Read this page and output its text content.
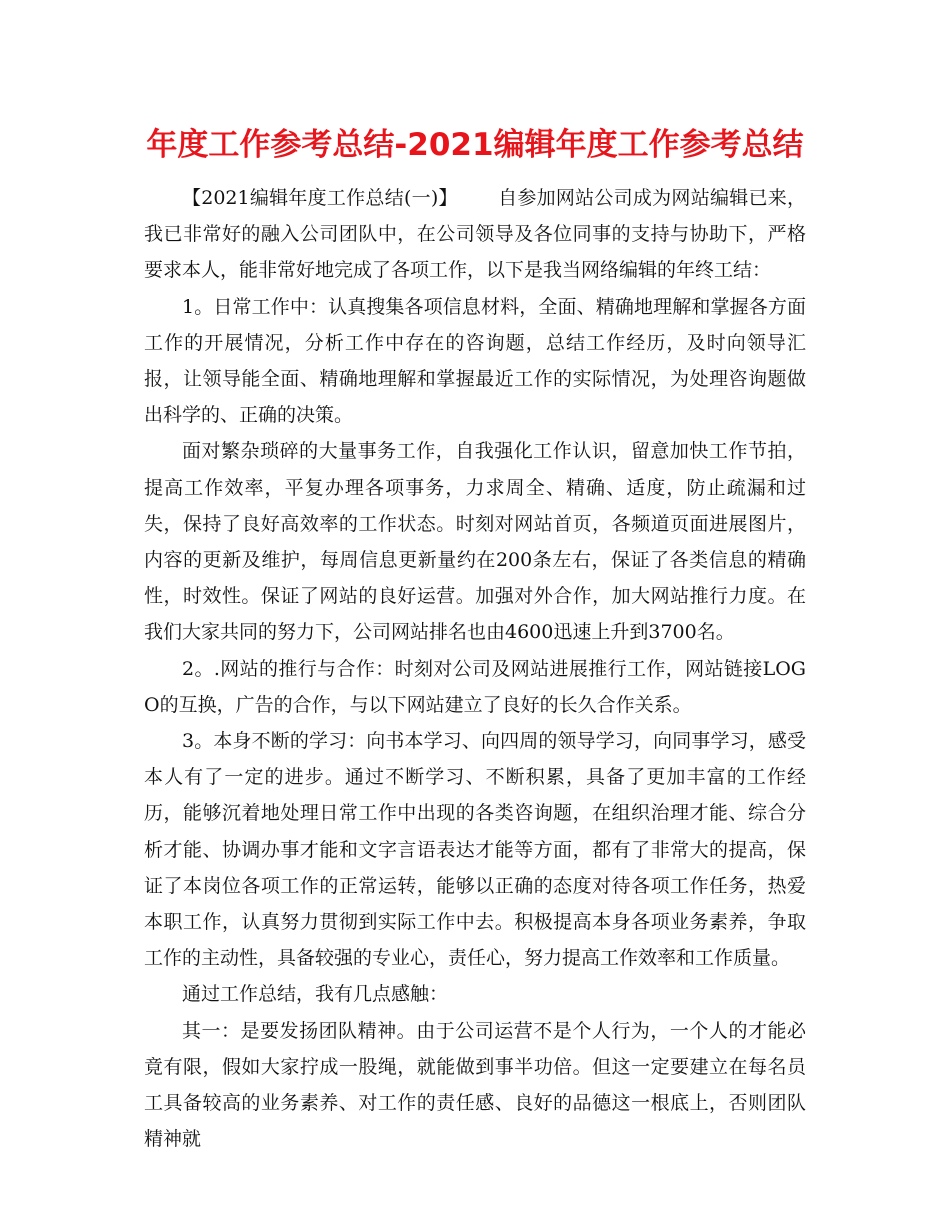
年度工作参考总结-2021编辑年度工作参考总结

【2021编辑年度工作总结(一)】 自参加网站公司成为网站编辑已来，我已非常好的融入公司团队中，在公司领导及各位同事的支持与协助下，严格要求本人，能非常好地完成了各项工作，以下是我当网络编辑的年终工结：

1。日常工作中：认真搜集各项信息材料，全面、精确地理解和掌握各方面工作的开展情况，分析工作中存在的咨询题，总结工作经历，及时向领导汇报，让领导能全面、精确地理解和掌握最近工作的实际情况，为处理咨询题做出科学的、正确的决策。

面对繁杂琐碎的大量事务工作，自我强化工作认识，留意加快工作节拍，提高工作效率，平复办理各项事务，力求周全、精确、适度，防止疏漏和过失，保持了良好高效率的工作状态。时刻对网站首页，各频道页面进展图片，内容的更新及维护，每周信息更新量约在200条左右，保证了各类信息的精确性，时效性。保证了网站的良好运营。加强对外合作，加大网站推行力度。在我们大家共同的努力下，公司网站排名也由4600迅速上升到3700名。

2。.网站的推行与合作：时刻对公司及网站进展推行工作，网站链接LOGO的互换，广告的合作，与以下网站建立了良好的长久合作关系。

3。本身不断的学习：向书本学习、向四周的领导学习，向同事学习，感受本人有了一定的进步。通过不断学习、不断积累，具备了更加丰富的工作经历，能够沉着地处理日常工作中出现的各类咨询题，在组织治理才能、综合分析才能、协调办事才能和文字言语表达才能等方面，都有了非常大的提高，保证了本岗位各项工作的正常运转，能够以正确的态度对待各项工作任务，热爱本职工作，认真努力贯彻到实际工作中去。积极提高本身各项业务素养，争取工作的主动性，具备较强的专业心，责任心，努力提高工作效率和工作质量。

通过工作总结，我有几点感触：

其一：是要发扬团队精神。由于公司运营不是个人行为，一个人的才能必竟有限，假如大家拧成一股绳，就能做到事半功倍。但这一定要建立在每名员工具备较高的业务素养、对工作的责任感、良好的品德这一根底上，否则团队精神就
